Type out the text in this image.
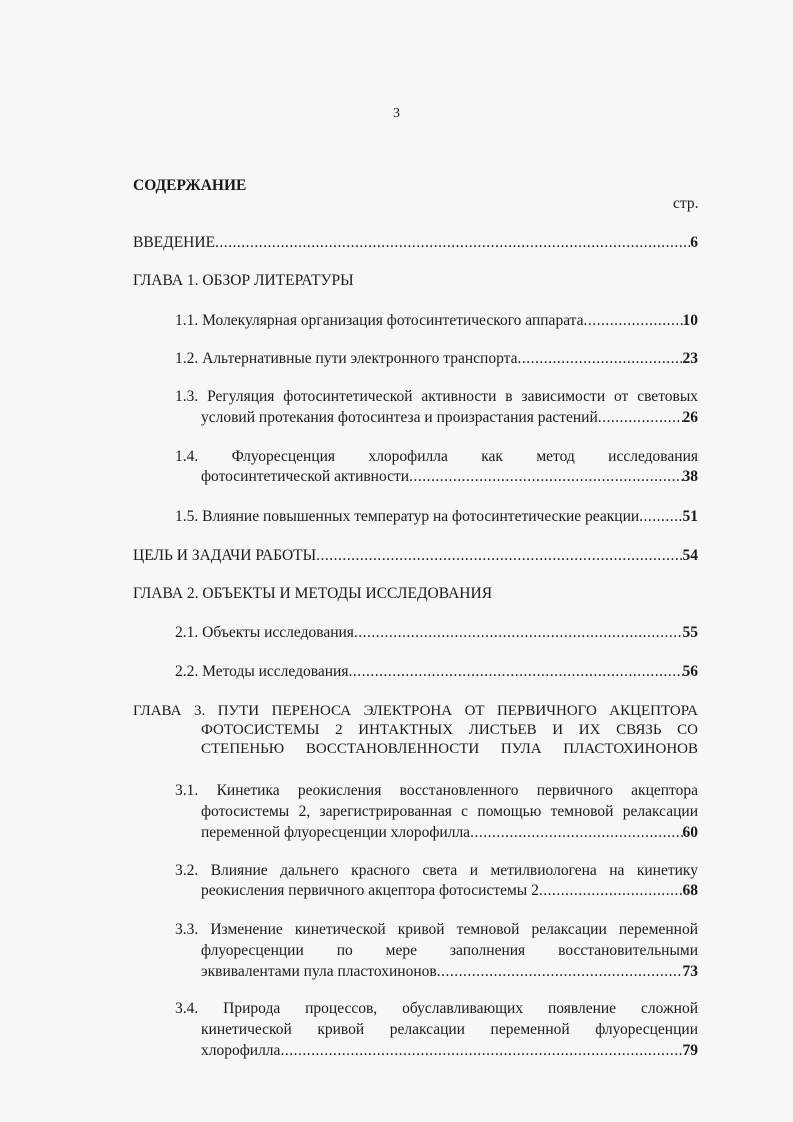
3
СОДЕРЖАНИЕ
стр.
ВВЕДЕНИЕ .....	6
ГЛАВА 1. ОБЗОР ЛИТЕРАТУРЫ
1.1. Молекулярная организация фотосинтетического аппарата .....	10
1.2. Альтернативные пути электронного транспорта .....	23
1.3. Регуляция фотосинтетической активности в зависимости от световых
условий протекания фотосинтеза и произрастания растений .....	26
1.4.   Флуоресценция   хлорофилла   как   метод   исследования
фотосинтетической активности .....	38
1.5. Влияние повышенных температур на фотосинтетические реакции .....	51
ЦЕЛЬ И ЗАДАЧИ РАБОТЫ .....	54
ГЛАВА 2. ОБЪЕКТЫ И МЕТОДЫ ИССЛЕДОВАНИЯ
2.1. Объекты исследования .....	55
2.2. Методы исследования .....	56
ГЛАВА 3. ПУТИ ПЕРЕНОСА ЭЛЕКТРОНА ОТ ПЕРВИЧНОГО АКЦЕПТОРА
ФОТОСИСТЕМЫ 2 ИНТАКТНЫХ ЛИСТЬЕВ И ИХ СВЯЗЬ СО
СТЕПЕНЬЮ ВОССТАНОВЛЕННОСТИ ПУЛА ПЛАСТОХИНОНОВ
3.1. Кинетика реокисления восстановленного первичного акцептора
фотосистемы 2, зарегистрированная с помощью темновой релаксации
переменной флуоресценции хлорофилла .....	60
3.2. Влияние дальнего красного света и метилвиологена на кинетику
реокисления первичного акцептора фотосистемы 2 .....	68
3.3. Изменение кинетической кривой темновой релаксации переменной
флуоресценции   по   мере   заполнения   восстановительными
эквивалентами пула пластохинонов .....	73
3.4.   Природа   процессов,   обуславливающих   появление   сложной
кинетической   кривой   релаксации   переменной   флуоресценции
хлорофилла .....	79
